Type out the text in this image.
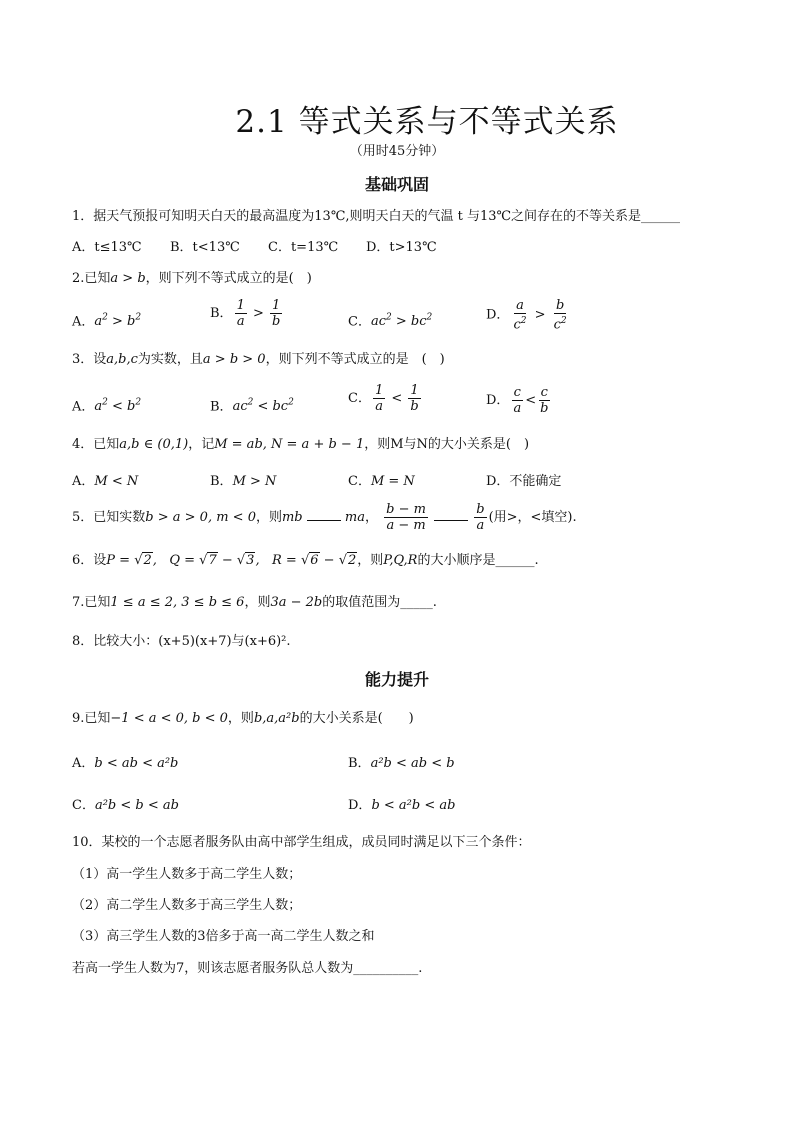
2.1 等式关系与不等式关系
（用时45分钟）
基础巩固
1．据天气预报可知明天白天的最高温度为13℃,则明天白天的气温 t 与13℃之间存在的不等关系是______
A．t≤13℃ B．t<13℃ C．t=13℃ D．t>13℃
2.已知a > b，则下列不等式成立的是(　)
A．$a^2 > b^2$	B． $\frac{1}{a} > \frac{1}{b}$	C．$ac^2 > bc^2$	D． $\frac{a}{c^2} > \frac{b}{c^2}$
3．设a,b,c为实数，且a > b > 0，则下列不等式成立的是　(　)
A．$a^2 < b^2$	B．$ac^2 < bc^2$	C． $\frac{1}{a} < \frac{1}{b}$	D． $\frac{c}{a} < \frac{c}{b}$
4．已知a,b ∈ (0,1)，记M = ab, N = a + b − 1，则M与N的大小关系是(　)
A．M < N	B．M > N	C．M = N	D．不能确定
5．已知实数b > a > 0, m < 0，则mb	ma， $\frac{b - m}{a - m}$
	$\frac{b}{a}$ (用>，<填空).
6．设P = √2, Q = √7 − √3, R = √6 − √2，则P,Q,R的大小顺序是______.
7.已知1 ≤ a ≤ 2, 3 ≤ b ≤ 6，则3a − 2b的取值范围为_____.
8．比较大小：(x+5)(x+7)与(x+6)².
能力提升
9.已知−1 < a < 0, b < 0，则b,a,a²b的大小关系是(　　)
A．b < ab < a²b	B．a²b < ab < b
C．a²b < b < ab	D．b < a²b < ab
10．某校的一个志愿者服务队由高中部学生组成，成员同时满足以下三个条件：
（1）高一学生人数多于高二学生人数；
（2）高二学生人数多于高三学生人数；
（3）高三学生人数的3倍多于高一高二学生人数之和
若高一学生人数为7，则该志愿者服务队总人数为__________.
